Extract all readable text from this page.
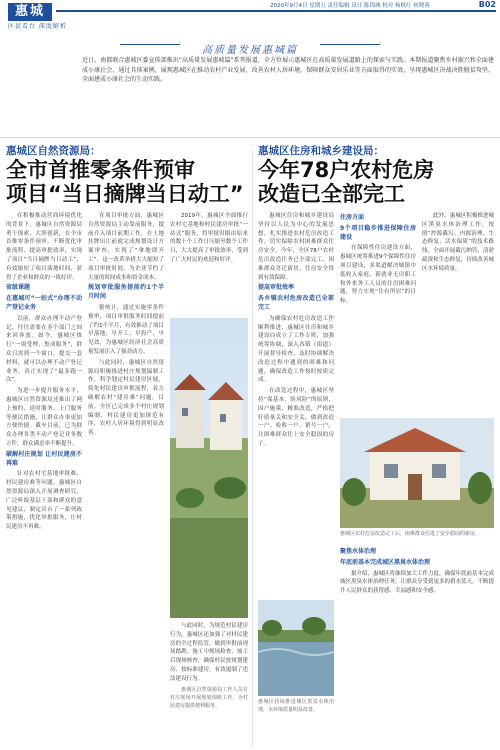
惠城
区县看台 深度解析
2020年9月4日 星期五 责任编辑 设计 陈锦城 校对 杨秋红 何晓蓉	B02
高质量发展惠城篇
近日，南都联合惠城区委宣传部推出“高质量发展惠城篇”系列报道，全方位展示惠城区在高质量发展道路上的探索与实践。本期报道聚焦乡村振兴和全面建成小康社会，通过具体案例，展现惠城区在推动农村产业发展、改善农村人居环境、保障群众安居乐业等方面取得的实效，呈现惠城区决战决胜脱贫攻坚、全面建成小康社会的生动实践。
惠城区自然资源局：
全市首推零条件预审
项目“当日摘牌当日动工”
惠城区住房和城乡建设局：
今年78户农村危房
改造已全部完工

在积极推动营商环境优化的背景下，惠城区自然资源局勇于探索、大胆创新，在全市首推零条件预审，不断优化审批流程、提高审批效率，实现了项目“当日摘牌当日动工”，有效缩短了项目落地时间，获得了企业和群众的一致好评。

省级课题

在惠城可“一站式”办理不动产登记业务

以前，群众办理不动产登记，往往需要在多个部门之间来回奔波。如今，惠城区推行“一窗受理、集成服务”，群众只需到一个窗口，提交一套材料，就可以办理不动产登记业务，真正实现了“最多跑一次”。

为进一步提升服务水平，惠城区自然资源局还推出了网上预约、延时服务、上门服务等便民措施，让群众办事更加方便快捷。截至目前，已为群众办理各类不动产登记业务数万件，群众满意率不断提升。

破解村庄规划 让村民建房不再难

针对农村宅基地审批难、村民建房难等问题，惠城区自然资源局深入开展调查研究，广泛听取基层干部和群众的意见建议，制定出台了一系列政策措施，优化审批服务，让村民建房不再难。

在项目审批方面，惠城区自然资源局主动靠前服务，提前介入项目前期工作，在土地挂牌出让前就完成规划设计方案审查，实现了“拿地即开工”。这一改革举措大大缩短了项目审批时间，为企业节约了大量的时间成本和资金成本。

规划审批服务提前约1个半月时间

据统计，通过实施零条件预审，项目审批服务时间提前了约1个半月，有效推动了项目早落地、早开工、早投产、早见效，为惠城区经济社会高质量发展注入了强劲动力。

与此同时，惠城区自然资源局积极推进村庄规划编制工作，科学划定村民建房区域，简化村民建房审批流程，着力破解农村“建房难”问题。目前，全区已完成多个村庄规划编制，村民建房更加规范有序，农村人居环境得到明显改善。

2019年，惠城区全面推行农村宅基地和村民建房审批“一站式”服务，将审批时限由原来的数十个工作日压缩至数个工作日，大大提高了审批效率，受到了广大村民的欢迎和好评。

与此同时，为规范村民建房行为，惠城区还加强了对村民建房的全过程监管，做到审批前现场踏勘、施工中现场检查、竣工后现场核查，确保村民按规划建房、按标准建房，有效遏制了违法建设行为。

惠城区自然资源局工作人员在村庄现场开展规划调研工作，为村民建房提供便利服务。

惠城区住房和城乡建设局坚持以人民为中心的发展思想，扎实推进农村危房改造工作，切实保障农村困难群众住房安全。今年，全区78户农村危房改造任务已全部完工，困难群众喜迁新居，住房安全得到有效保障。

提高审批效率

各乡镇农村危房改造已全部完工

为确保农村危房改造工作顺利推进，惠城区住房和城乡建设局成立了工作专班，加强统筹协调，深入各镇（街道）开展督导检查，及时协调解决改造过程中遇到的困难和问题，确保改造工作按时按质完成。

在改造过程中，惠城区坚持“保基本、防风险”的原则，因户施策、精准改造，严格把好质量关和安全关，做到改造一户、验收一户、销号一户，让困难群众住上安全稳固的房子。

住房方面

9个项目稳步推进保障住房建设

在保障性住房建设方面，惠城区统筹推进9个保障性住房项目建设，多渠道解决城镇中低收入家庭、新就业无房职工和外来务工人员的住房困难问题，努力实现“住有所居”的目标。

惠城区农村危房改造完工后，困难群众住进了安全稳固的新房。

此外，惠城区积极推进城区黑臭水体治理工作，按照“控源截污、内源治理、生态修复、活水保质”的技术路线，全面开展截污纳管、清淤疏浚和生态修复，持续改善城区水环境质量。

惠城区持续推进城区黑臭水体治理，水环境质量明显改善。

聚焦水体治理

年底前基本完成城区黑臭水体治理

据介绍，惠城区将继续加大工作力度，确保年底前基本完成城区黑臭水体治理任务，让群众享受到更多的碧水蓝天，不断提升人民群众的获得感、幸福感和安全感。
